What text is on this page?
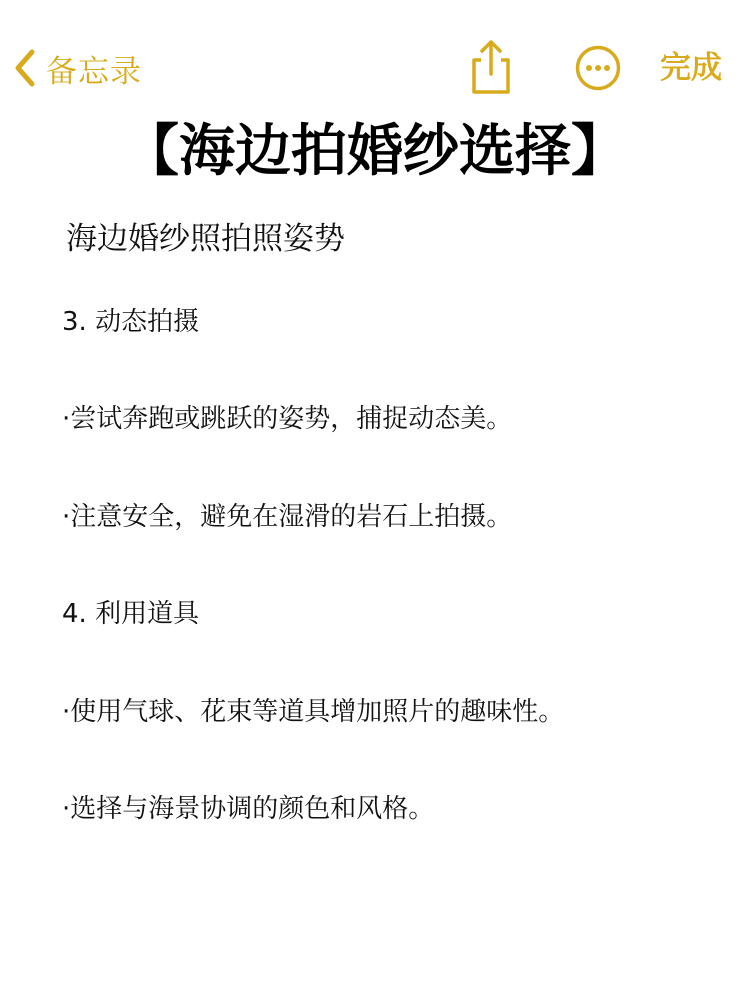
备忘录	完成
【海边拍婚纱选择】
海边婚纱照拍照姿势
3. 动态拍摄
·尝试奔跑或跳跃的姿势，捕捉动态美。
·注意安全，避免在湿滑的岩石上拍摄。
4. 利用道具
·使用气球、花束等道具增加照片的趣味性。
·选择与海景协调的颜色和风格。
